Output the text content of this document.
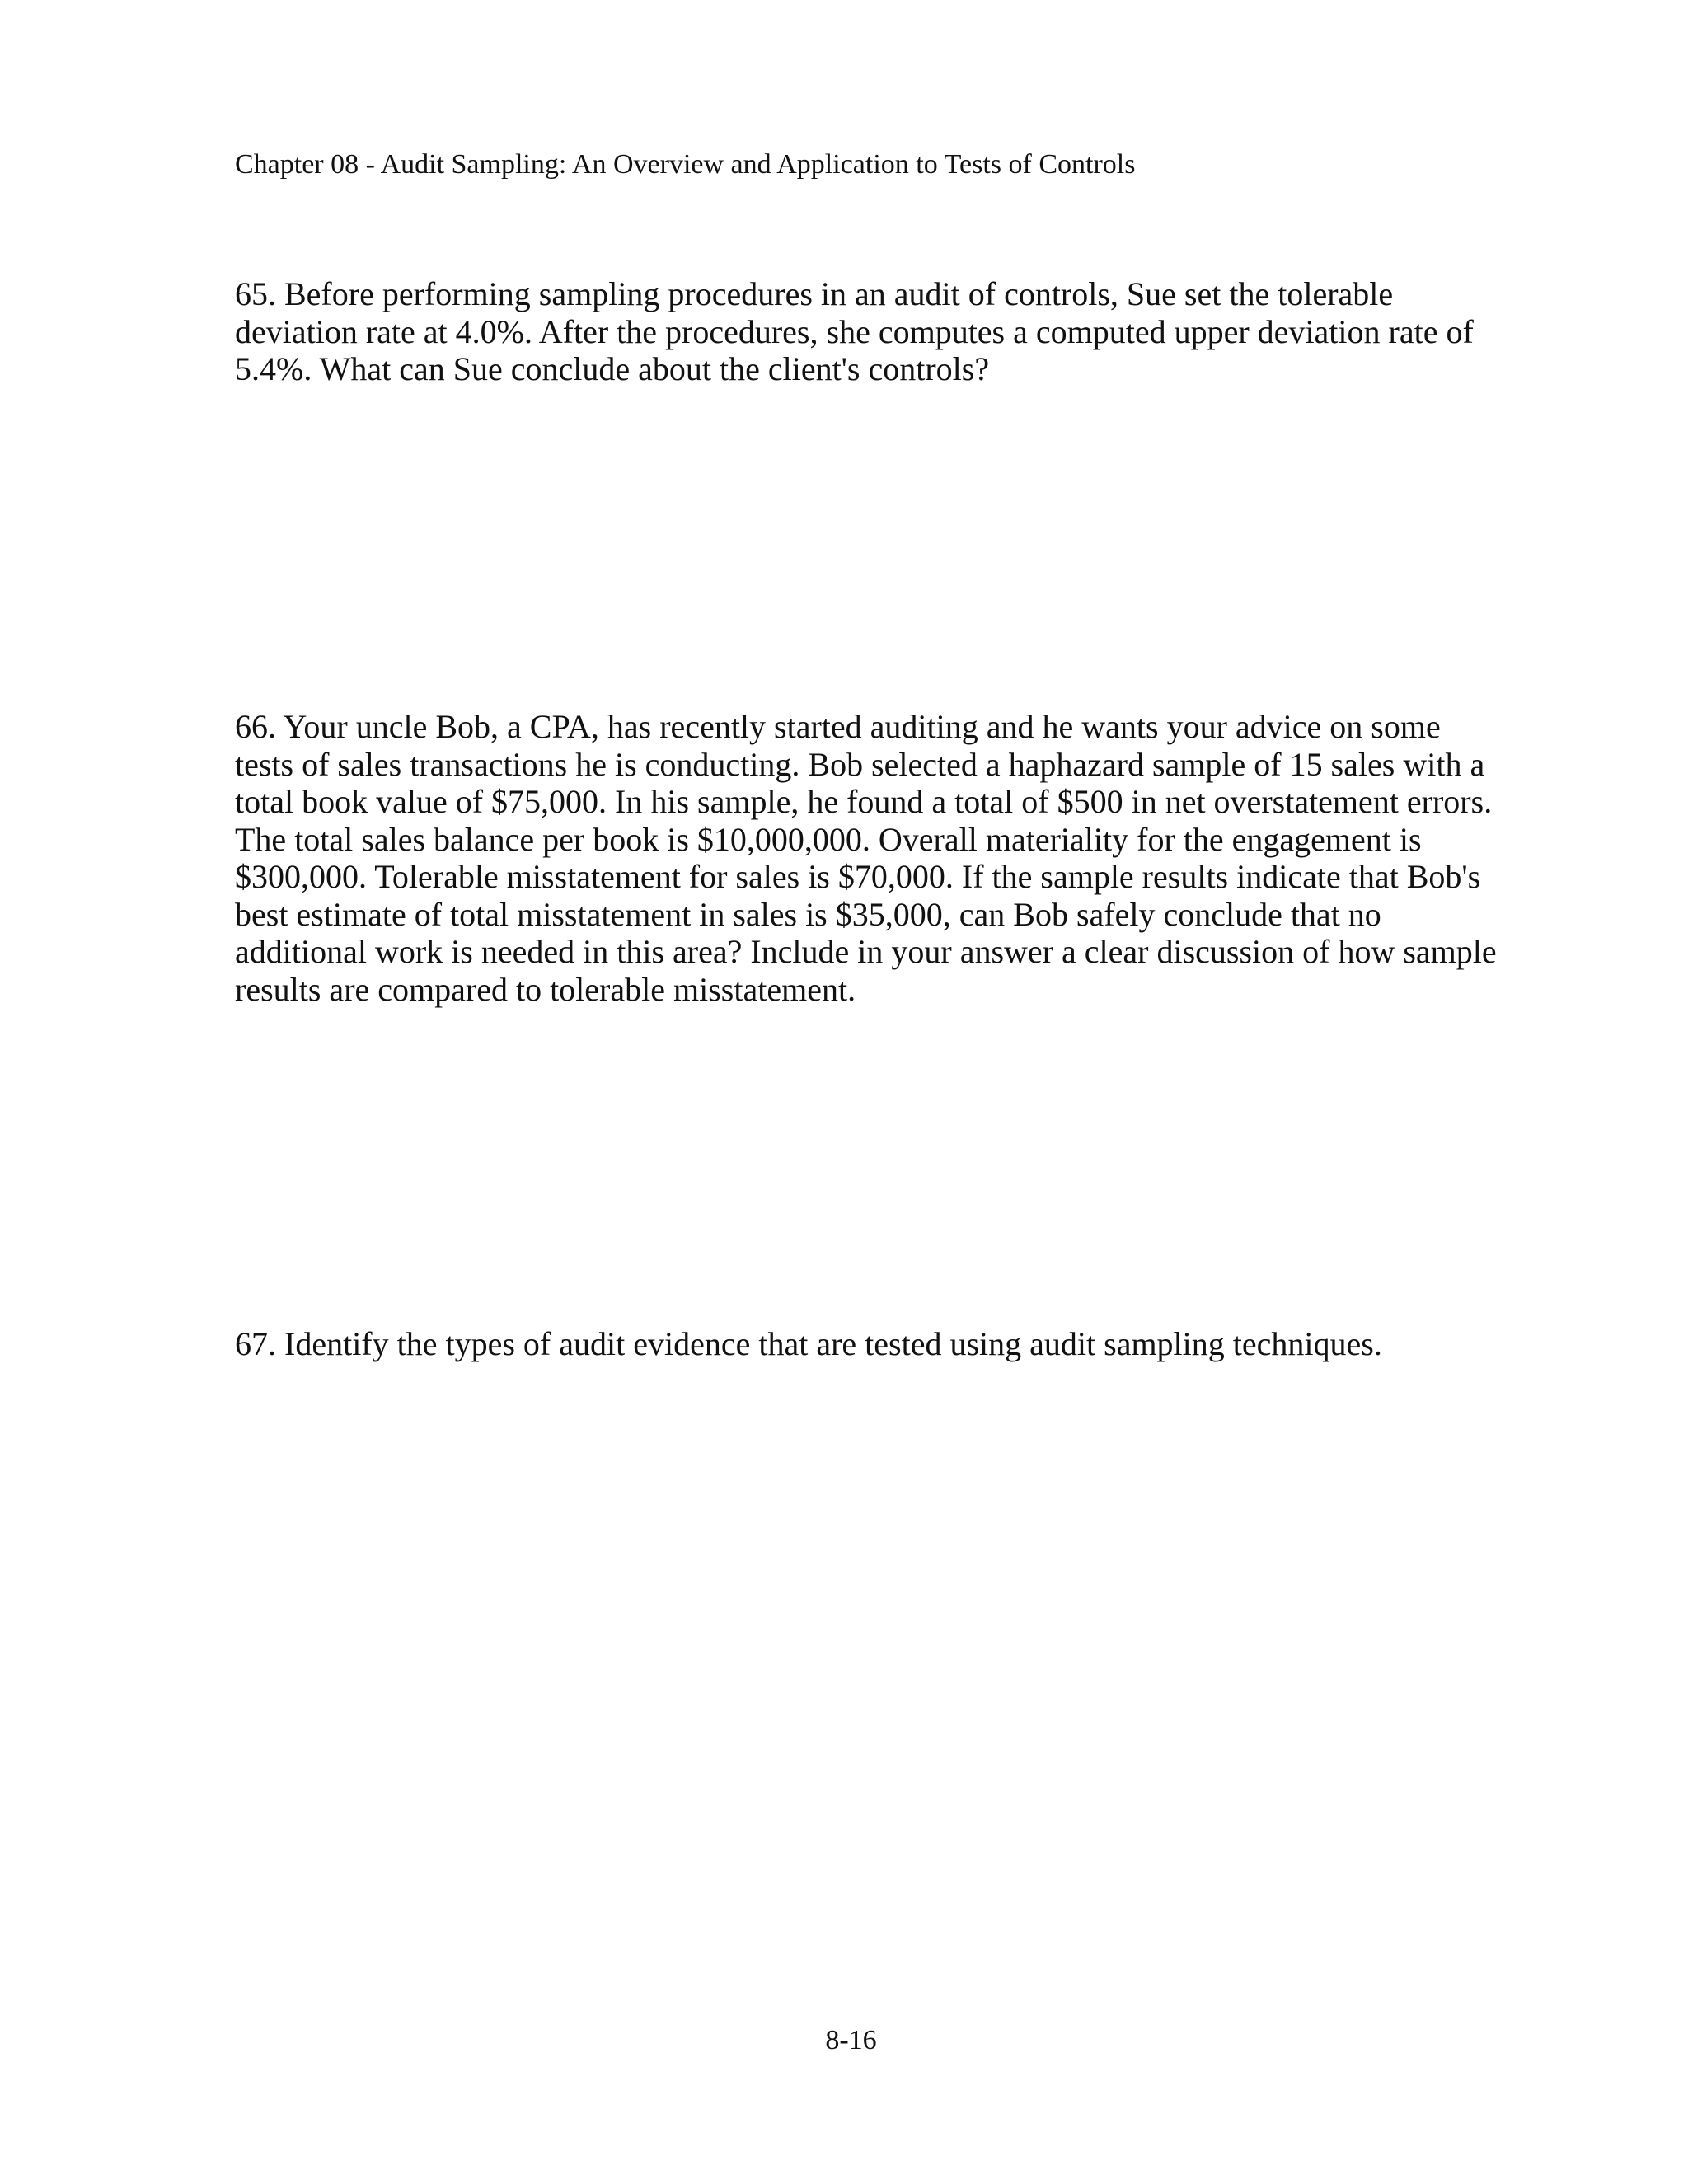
Chapter 08 - Audit Sampling: An Overview and Application to Tests of Controls

65. Before performing sampling procedures in an audit of controls, Sue set the tolerable
deviation rate at 4.0%. After the procedures, she computes a computed upper deviation rate of
5.4%. What can Sue conclude about the client's controls?

66. Your uncle Bob, a CPA, has recently started auditing and he wants your advice on some
tests of sales transactions he is conducting. Bob selected a haphazard sample of 15 sales with a
total book value of $75,000. In his sample, he found a total of $500 in net overstatement errors.
The total sales balance per book is $10,000,000. Overall materiality for the engagement is
$300,000. Tolerable misstatement for sales is $70,000. If the sample results indicate that Bob's
best estimate of total misstatement in sales is $35,000, can Bob safely conclude that no
additional work is needed in this area? Include in your answer a clear discussion of how sample
results are compared to tolerable misstatement.

67. Identify the types of audit evidence that are tested using audit sampling techniques.

8-16
